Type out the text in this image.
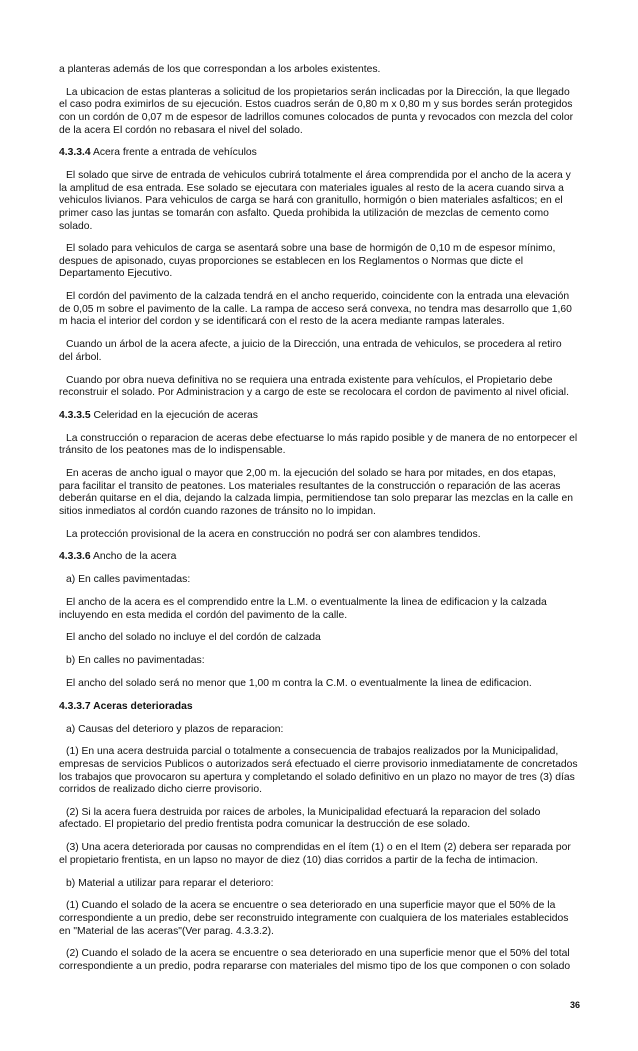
a planteras además de los que correspondan a los arboles existentes.

La ubicacion de estas planteras a solicitud de los propietarios serán inclicadas por la Dirección, la que llegado el caso podra eximirlos de su ejecución. Estos cuadros serán de 0,80 m x 0,80 m y sus bordes serán protegidos con un cordón de 0,07 m de espesor de ladrillos comunes colocados de punta y revocados con mezcla del color de la acera El cordón no rebasara el nivel del solado.

4.3.3.4 Acera frente a entrada de vehículos

El solado que sirve de entrada de vehiculos cubrirá totalmente el área comprendida por el ancho de la acera y la amplitud de esa entrada. Ese solado se ejecutara con materiales iguales al resto de la acera cuando sirva a vehiculos livianos. Para vehiculos de carga se hará con granitullo, hormigón o bien materiales asfalticos; en el primer caso las juntas se tomarán con asfalto. Queda prohibida la utilización de mezclas de cemento como solado.

El solado para vehiculos de carga se asentará sobre una base de hormigón de 0,10 m de espesor mínimo, despues de apisonado, cuyas proporciones se establecen en los Reglamentos o Normas que dicte el Departamento Ejecutivo.

El cordón del pavimento de la calzada tendrá en el ancho requerido, coincidente con la entrada una elevación de 0,05 m sobre el pavimento de la calle. La rampa de acceso será convexa, no tendra mas desarrollo que 1,60 m hacia el interior del cordon y se identificará con el resto de la acera mediante rampas laterales.

Cuando un árbol de la acera afecte, a juicio de la Dirección, una entrada de vehiculos, se procedera al retiro del árbol.

Cuando por obra nueva definitiva no se requiera una entrada existente para vehículos, el Propietario debe reconstruir el solado. Por Administracion y a cargo de este se recolocara el cordon de pavimento al nivel oficial.

4.3.3.5 Celeridad en la ejecución de aceras

La construcción o reparacion de aceras debe efectuarse lo más rapido posible y de manera de no entorpecer el tránsito de los peatones mas de lo indispensable.

En aceras de ancho igual o mayor que 2,00 m. la ejecución del solado se hara por mitades, en dos etapas, para facilitar el transito de peatones. Los materiales resultantes de la construcción o reparación de las aceras deberán quitarse en el dia, dejando la calzada limpia, permitiendose tan solo preparar las mezclas en la calle en sitios inmediatos al cordón cuando razones de tránsito no lo impidan.

La protección provisional de la acera en construcción no podrá ser con alambres tendidos.

4.3.3.6 Ancho de la acera

a) En calles pavimentadas:

El ancho de la acera es el comprendido entre la L.M. o eventualmente la linea de edificacion y la calzada incluyendo en esta medida el cordón del pavimento de la calle.

El ancho del solado no incluye el del cordón de calzada

b) En calles no pavimentadas:

El ancho del solado será no menor que 1,00 m contra la C.M. o eventualmente la linea de edificacion.

4.3.3.7 Aceras deterioradas

a) Causas del deterioro y plazos de reparacion:

(1) En una acera destruida parcial o totalmente a consecuencia de trabajos realizados por la Municipalidad, empresas de servicios Publicos o autorizados será efectuado el cierre provisorio inmediatamente de concretados los trabajos que provocaron su apertura y completando el solado definitivo en un plazo no mayor de tres (3) días corridos de realizado dicho cierre provisorio.

(2) Si la acera fuera destruida por raices de arboles, la Municipalidad efectuará la reparacion del solado afectado. El propietario del predio frentista podra comunicar la destrucción de ese solado.

(3) Una acera deteriorada por causas no comprendidas en el ítem (1) o en el Item (2) debera ser reparada por el propietario frentista, en un lapso no mayor de diez (10) dias corridos a partir de la fecha de intimacion.

b) Material a utilizar para reparar el deterioro:

(1) Cuando el solado de la acera se encuentre o sea deteriorado en una superficie mayor que el 50% de la correspondiente a un predio, debe ser reconstruido integramente con cualquiera de los materiales establecidos en "Material de las aceras"(Ver parag. 4.3.3.2).

(2) Cuando el solado de la acera se encuentre o sea deteriorado en una superficie menor que el 50% del total correspondiente a un predio, podra repararse con materiales del mismo tipo de los que componen o con solado

36
